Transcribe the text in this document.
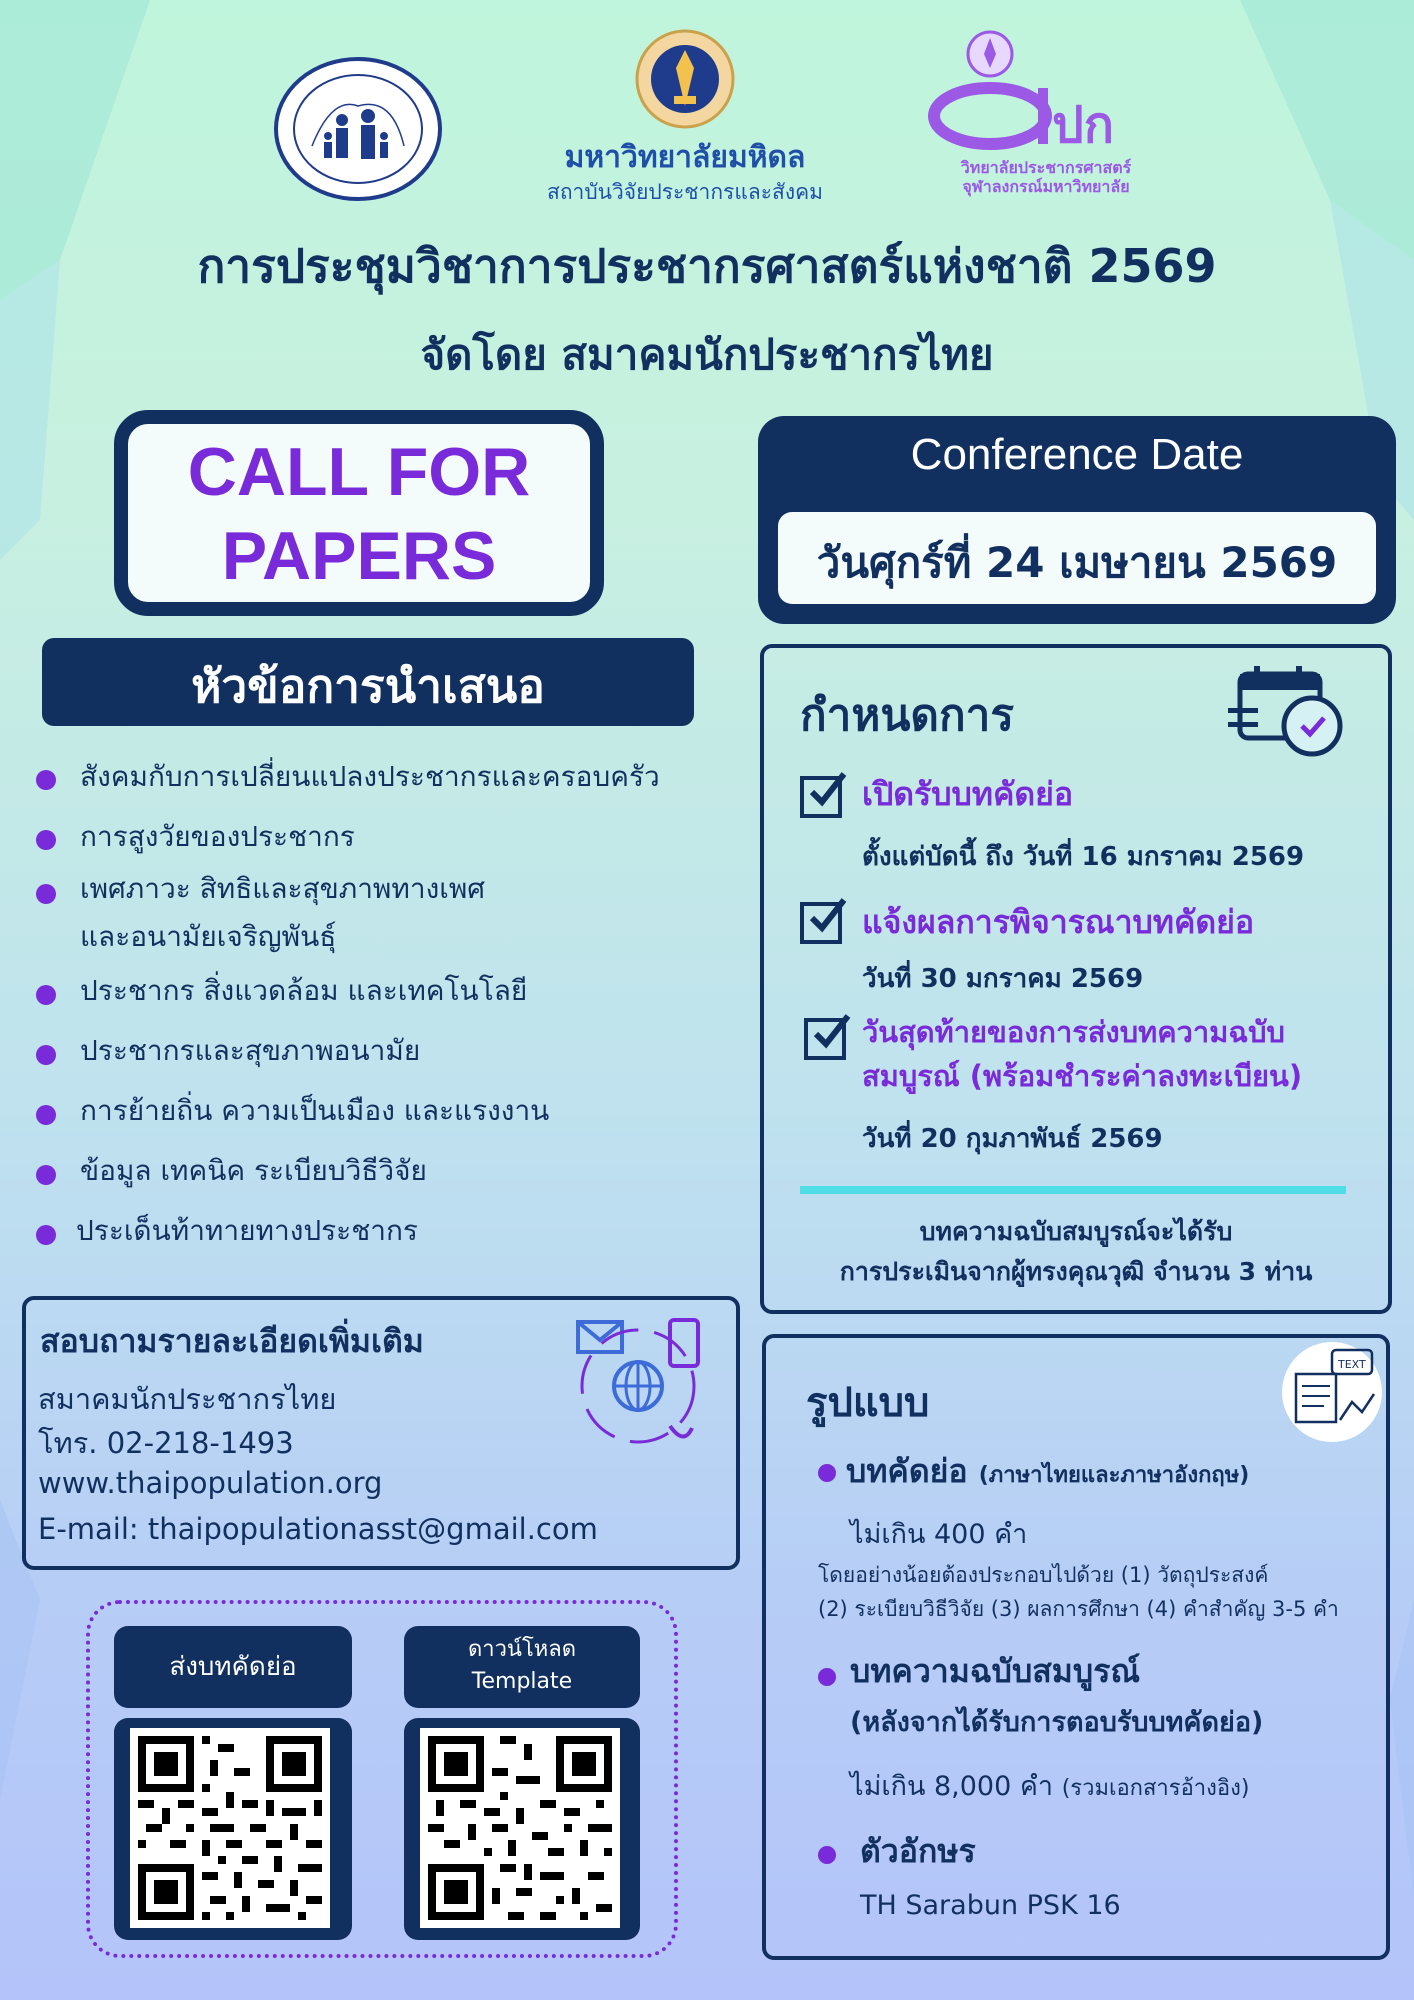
มหาวิทยาลัยมหิดล
สถาบันวิจัยประชากรและสังคม
ปก
วิทยาลัยประชากรศาสตร์
จุฬาลงกรณ์มหาวิทยาลัย
การประชุมวิชาการประชากรศาสตร์แห่งชาติ 2569
จัดโดย สมาคมนักประชากรไทย
CALL FOR
PAPERS
Conference Date
วันศุกร์ที่ 24 เมษายน 2569
หัวข้อการนำเสนอ
สังคมกับการเปลี่ยนแปลงประชากรและครอบครัว
การสูงวัยของประชากร
เพศภาวะ สิทธิและสุขภาพทางเพศ
และอนามัยเจริญพันธุ์
ประชากร สิ่งแวดล้อม และเทคโนโลยี
ประชากรและสุขภาพอนามัย
การย้ายถิ่น ความเป็นเมือง และแรงงาน
ข้อมูล เทคนิค ระเบียบวิธีวิจัย
ประเด็นท้าทายทางประชากร
กำหนดการ
เปิดรับบทคัดย่อ
ตั้งแต่บัดนี้ ถึง วันที่ 16 มกราคม 2569
แจ้งผลการพิจารณาบทคัดย่อ
วันที่ 30 มกราคม 2569
วันสุดท้ายของการส่งบทความฉบับ
สมบูรณ์ (พร้อมชำระค่าลงทะเบียน)
วันที่ 20 กุมภาพันธ์ 2569
บทความฉบับสมบูรณ์จะได้รับ
การประเมินจากผู้ทรงคุณวุฒิ จำนวน 3 ท่าน
สอบถามรายละเอียดเพิ่มเติม
สมาคมนักประชากรไทย
โทร. 02-218-1493
www.thaipopulation.org
E-mail: thaipopulationasst@gmail.com
รูปแบบ
TEXT
บทคัดย่อ (ภาษาไทยและภาษาอังกฤษ)
ไม่เกิน 400 คำ
โดยอย่างน้อยต้องประกอบไปด้วย (1) วัตถุประสงค์
(2) ระเบียบวิธีวิจัย (3) ผลการศึกษา (4) คำสำคัญ 3-5 คำ
บทความฉบับสมบูรณ์
(หลังจากได้รับการตอบรับบทคัดย่อ)
ไม่เกิน 8,000 คำ (รวมเอกสารอ้างอิง)
ตัวอักษร
TH Sarabun PSK 16
ส่งบทคัดย่อ
ดาวน์โหลด
Template
